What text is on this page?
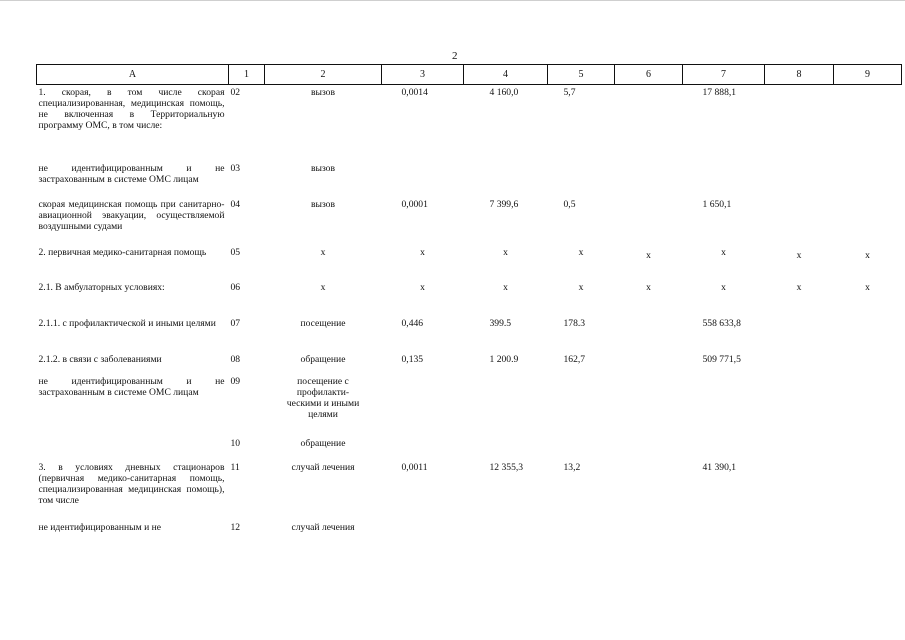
2
А	1	2	3	4	5	6	7	8	9
1. скорая, в том числе скорая специализированная, медицинская помощь, не включенная в Территориальную программу ОМС, в том числе:	02	вызов	0,0014	4 160,0	5,7		17 888,1		
не идентифицированным и не застрахованным в системе ОМС лицам	03	вызов							
скорая медицинская помощь при санитарно-авиационной эвакуации, осуществляемой воздушными судами	04	вызов	0,0001	7 399,6	0,5		1 650,1		
2. первичная медико-санитарная помощь	05	х	х	х	х	х	х	х	х
2.1. В амбулаторных условиях:	06	х	х	х	х	х	х	х	х
2.1.1. с профилактической и иными целями	07	посещение	0,446	399.5	178.3		558 633,8		
2.1.2. в связи с заболеваниями	08	обращение	0,135	1 200.9	162,7		509 771,5		
не идентифицированным и не застрахованным в системе ОМС лицам	09	посещение с профилакти-ческими и иными целями							
	10	обращение							
3. в условиях дневных стационаров (первичная медико-санитарная помощь, специализированная медицинская помощь), том числе	11	случай лечения	0,0011	12 355,3	13,2		41 390,1		
не идентифицированным и не	12	случай лечения							
